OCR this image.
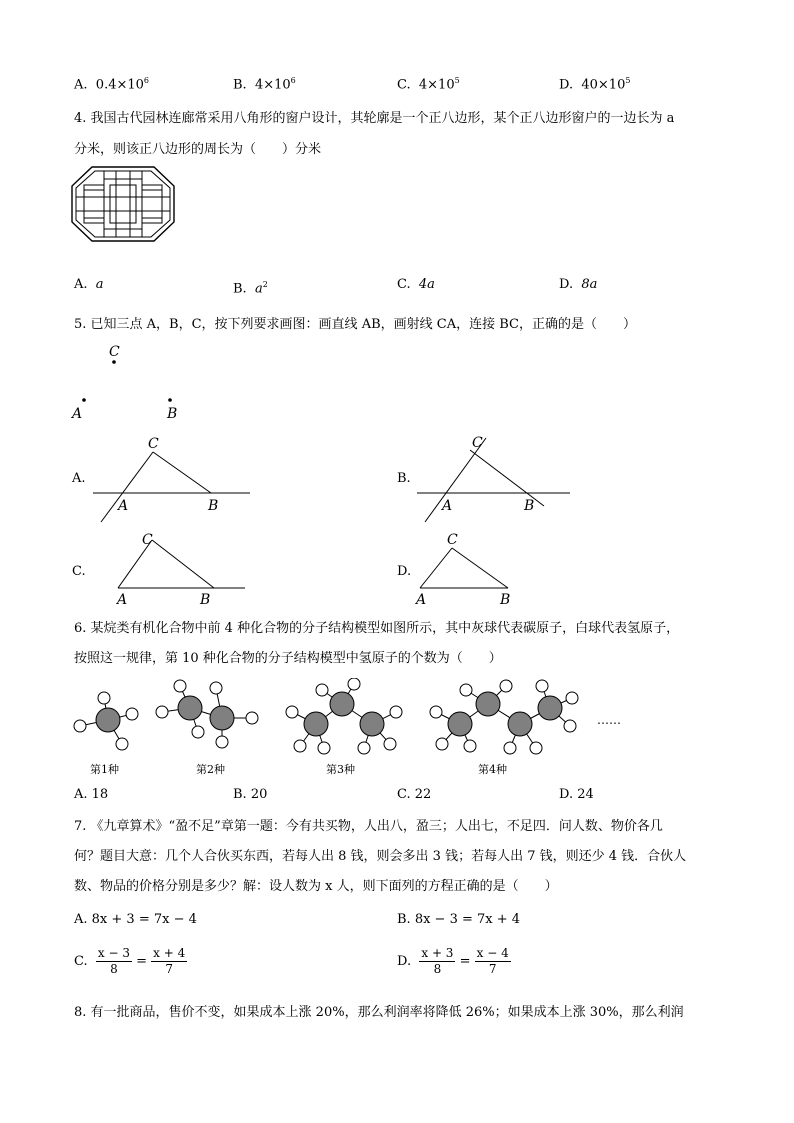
A. $0.4\times 10^6$	B. $4\times 10^6$	C. $4\times 10^5$	D. $40\times 10^5$
4. 我国古代园林连廊常采用八角形的窗户设计，其轮廓是一个正八边形，某个正八边形窗户的一边长为 a
分米，则该正八边形的周长为（　　）分米
A. a	B. $a^2$	C. 4a	D. 8a
5. 已知三点 A，B，C，按下列要求画图：画直线 AB，画射线 CA，连接 BC，正确的是（　　）
C
A	B
A.
C
A	B
B.
C
A	B
C.
C
A	B
D.
C
A	B
6. 某烷类有机化合物中前 4 种化合物的分子结构模型如图所示，其中灰球代表碳原子，白球代表氢原子，
按照这一规律，第 10 种化合物的分子结构模型中氢原子的个数为（　　）
……
第1种	第2种	第3种	第4种
A. 18	B. 20	C. 22	D. 24
7. 《九章算术》“盈不足”章第一题：今有共买物，人出八，盈三；人出七，不足四．问人数、物价各几
何？题目大意：几个人合伙买东西，若每人出 8 钱，则会多出 3 钱；若每人出 7 钱，则还少 4 钱．合伙人
数、物品的价格分别是多少？解：设人数为 x 人，则下面列的方程正确的是（　　）
A. 8x + 3 = 7x − 4	B. 8x − 3 = 7x + 4
C. $\frac{x - 3}{8} = \frac{x + 4}{7}$	D. $\frac{x + 3}{8} = \frac{x - 4}{7}$
8. 有一批商品，售价不变，如果成本上涨 20%，那么利润率将降低 26%；如果成本上涨 30%，那么利润
